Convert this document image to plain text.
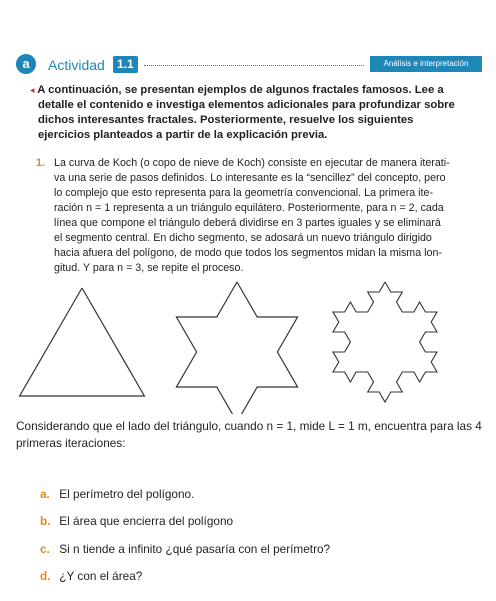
a Actividad	1.1	Análisis e interpretación

◂ A continuación, se presentan ejemplos de algunos fractales famosos. Lee a detalle el contenido e investiga elementos adicionales para profundizar sobre dichos interesantes fractales. Posteriormente, resuelve los siguientes ejercicios planteados a partir de la explicación previa.

1. La curva de Koch (o copo de nieve de Koch) consiste en ejecutar de manera iterati-
va una serie de pasos definidos. Lo interesante es la “sencillez” del concepto, pero
lo complejo que esto representa para la geometría convencional. La primera ite-
ración n = 1 representa a un triángulo equilátero. Posteriormente, para n = 2, cada
línea que compone el triángulo deberá dividirse en 3 partes iguales y se eliminará
el segmento central. En dicho segmento, se adosará un nuevo triángulo dirigido
hacia afuera del polígono, de modo que todos los segmentos midan la misma lon-
gitud. Y para n = 3, se repite el proceso.

Considerando que el lado del triángulo, cuando n = 1, mide L = 1 m, encuentra para las 4 primeras iteraciones:

a. El perímetro del polígono.
b. El área que encierra del polígono
c. Si n tiende a infinito ¿qué pasaría con el perímetro?
d. ¿Y con el área?
